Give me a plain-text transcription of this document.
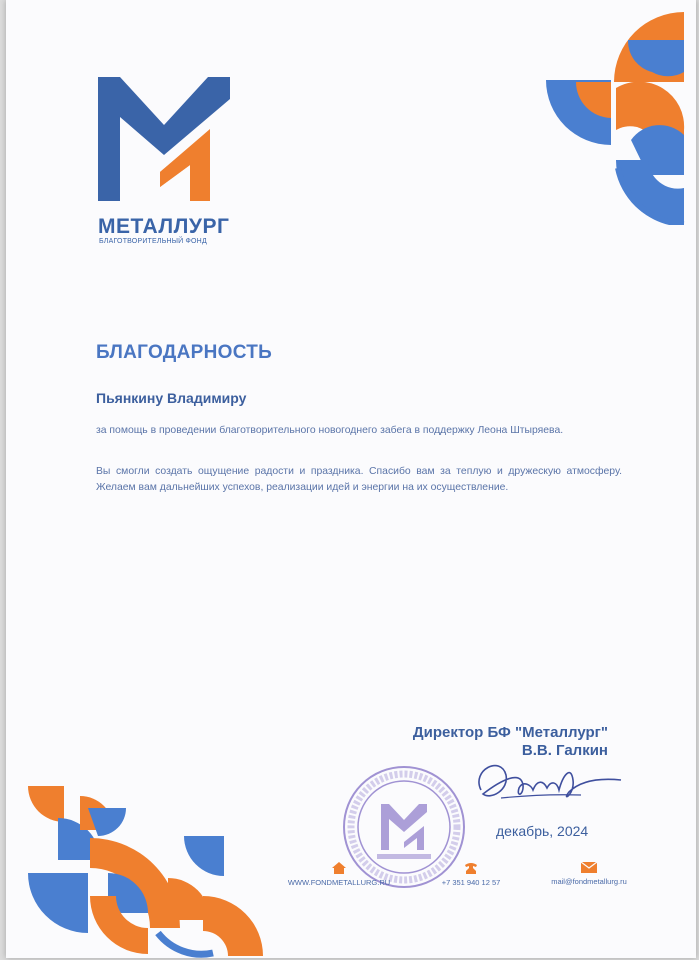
МЕТАЛЛУРГ
БЛАГОТВОРИТЕЛЬНЫЙ ФОНД
БЛАГОДАРНОСТЬ
Пьянкину Владимиру
за помощь в проведении благотворительного новогоднего забега в поддержку Леона Штыряева.
Вы смогли создать ощущение радости и праздника. Спасибо вам за теплую и дружескую атмосферу. Желаем вам дальнейших успехов, реализации идей и энергии на их осуществление.
Директор БФ "Металлург"
В.В. Галкин
декабрь, 2024
WWW.FONDMETALLURG.RU	+7 351 940 12 57	mail@fondmetallurg.ru
